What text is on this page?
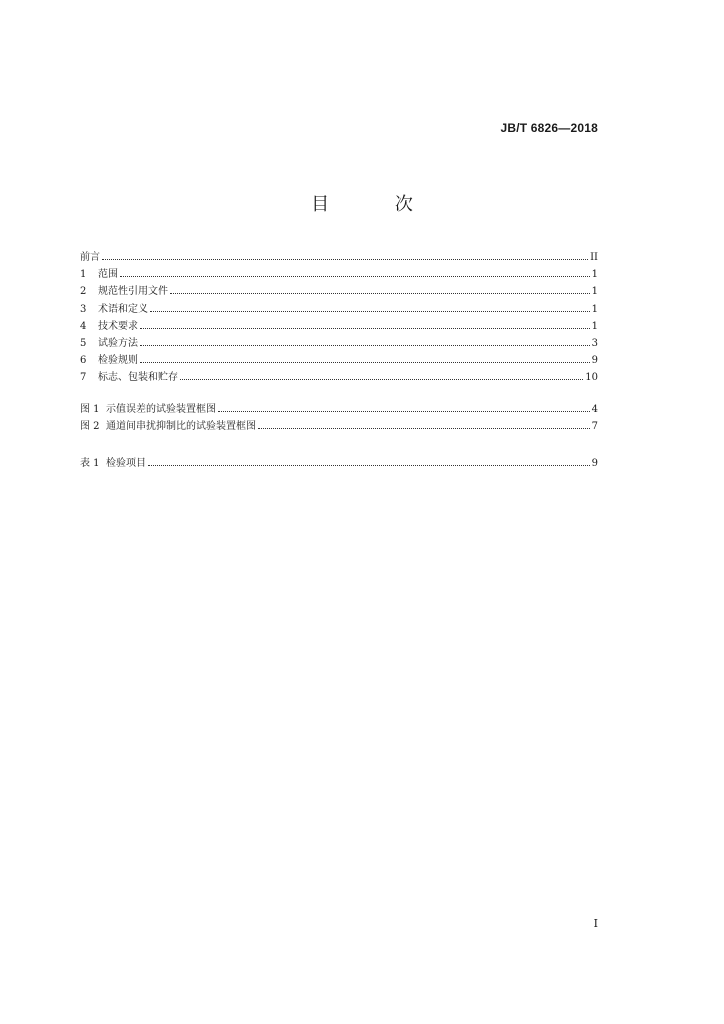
JB/T 6826—2018
目 次
前言	II
1	范围	1
2	规范性引用文件	1
3	术语和定义	1
4	技术要求	1
5	试验方法	3
6	检验规则	9
7	标志、包装和贮存	10
图 1 示值误差的试验装置框图	4
图 2 通道间串扰抑制比的试验装置框图	7
表 1 检验项目	9
I
